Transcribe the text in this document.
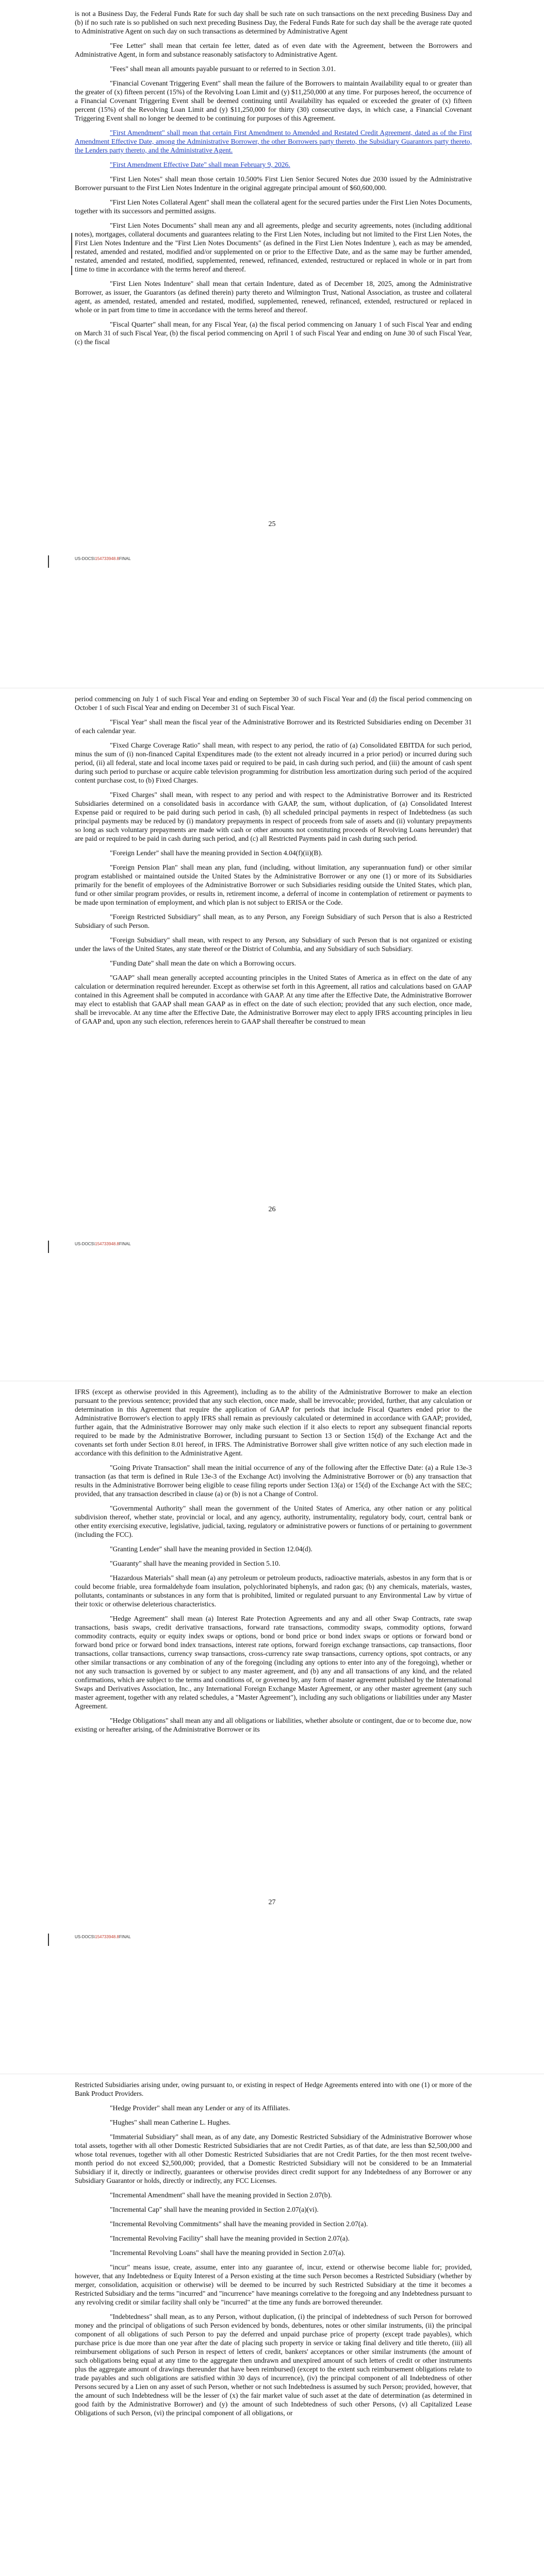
is not a Business Day, the Federal Funds Rate for such day shall be such rate on such transactions on the next preceding Business Day and (b) if no such rate is so published on such next preceding Business Day, the Federal Funds Rate for such day shall be the average rate quoted to Administrative Agent on such day on such transactions as determined by Administrative Agent

"Fee Letter" shall mean that certain fee letter, dated as of even date with the Agreement, between the Borrowers and Administrative Agent, in form and substance reasonably satisfactory to Administrative Agent.

"Fees" shall mean all amounts payable pursuant to or referred to in Section 3.01.

"Financial Covenant Triggering Event" shall mean the failure of the Borrowers to maintain Availability equal to or greater than the greater of (x) fifteen percent (15%) of the Revolving Loan Limit and (y) $11,250,000 at any time. For purposes hereof, the occurrence of a Financial Covenant Triggering Event shall be deemed continuing until Availability has equaled or exceeded the greater of (x) fifteen percent (15%) of the Revolving Loan Limit and (y) $11,250,000 for thirty (30) consecutive days, in which case, a Financial Covenant Triggering Event shall no longer be deemed to be continuing for purposes of this Agreement.

"First Amendment" shall mean that certain First Amendment to Amended and Restated Credit Agreement, dated as of the First Amendment Effective Date, among the Administrative Borrower, the other Borrowers party thereto, the Subsidiary Guarantors party thereto, the Lenders party thereto, and the Administrative Agent.

"First Amendment Effective Date" shall mean February 9, 2026.

"First Lien Notes" shall mean those certain 10.500% First Lien Senior Secured Notes due 2030 issued by the Administrative Borrower pursuant to the First Lien Notes Indenture in the original aggregate principal amount of $60,600,000.

"First Lien Notes Collateral Agent" shall mean the collateral agent for the secured parties under the First Lien Notes Documents, together with its successors and permitted assigns.

"First Lien Notes Documents" shall mean any and all agreements, pledge and security agreements, notes (including additional notes), mortgages, collateral documents and guarantees relating to the First Lien Notes, including but not limited to the First Lien Notes, the First Lien Notes Indenture and the "First Lien Notes Documents" (as defined in the First Lien Notes Indenture ), each as may be amended, restated, amended and restated, modified and/or supplemented on or prior to the Effective Date, and as the same may be further amended, restated, amended and restated, modified, supplemented, renewed, refinanced, extended, restructured or replaced in whole or in part from time to time in accordance with the terms hereof and thereof.

"First Lien Notes Indenture" shall mean that certain Indenture, dated as of December 18, 2025, among the Administrative Borrower, as issuer, the Guarantors (as defined therein) party thereto and Wilmington Trust, National Association, as trustee and collateral agent, as amended, restated, amended and restated, modified, supplemented, renewed, refinanced, extended, restructured or replaced in whole or in part from time to time in accordance with the terms hereof and thereof.

"Fiscal Quarter" shall mean, for any Fiscal Year, (a) the fiscal period commencing on January 1 of such Fiscal Year and ending on March 31 of such Fiscal Year, (b) the fiscal period commencing on April 1 of such Fiscal Year and ending on June 30 of such Fiscal Year, (c) the fiscal

25
US-DOCS\154733948.8FINAL

period commencing on July 1 of such Fiscal Year and ending on September 30 of such Fiscal Year and (d) the fiscal period commencing on October 1 of such Fiscal Year and ending on December 31 of such Fiscal Year.

"Fiscal Year" shall mean the fiscal year of the Administrative Borrower and its Restricted Subsidiaries ending on December 31 of each calendar year.

"Fixed Charge Coverage Ratio" shall mean, with respect to any period, the ratio of (a) Consolidated EBITDA for such period, minus the sum of (i) non-financed Capital Expenditures made (to the extent not already incurred in a prior period) or incurred during such period, (ii) all federal, state and local income taxes paid or required to be paid, in cash during such period, and (iii) the amount of cash spent during such period to purchase or acquire cable television programming for distribution less amortization during such period of the acquired content purchase cost, to (b) Fixed Charges.

"Fixed Charges" shall mean, with respect to any period and with respect to the Administrative Borrower and its Restricted Subsidiaries determined on a consolidated basis in accordance with GAAP, the sum, without duplication, of (a) Consolidated Interest Expense paid or required to be paid during such period in cash, (b) all scheduled principal payments in respect of Indebtedness (as such principal payments may be reduced by (i) mandatory prepayments in respect of proceeds from sale of assets and (ii) voluntary prepayments so long as such voluntary prepayments are made with cash or other amounts not constituting proceeds of Revolving Loans hereunder) that are paid or required to be paid in cash during such period, and (c) all Restricted Payments paid in cash during such period.

"Foreign Lender" shall have the meaning provided in Section 4.04(f)(ii)(B).

"Foreign Pension Plan" shall mean any plan, fund (including, without limitation, any superannuation fund) or other similar program established or maintained outside the United States by the Administrative Borrower or any one (1) or more of its Subsidiaries primarily for the benefit of employees of the Administrative Borrower or such Subsidiaries residing outside the United States, which plan, fund or other similar program provides, or results in, retirement income, a deferral of income in contemplation of retirement or payments to be made upon termination of employment, and which plan is not subject to ERISA or the Code.

"Foreign Restricted Subsidiary" shall mean, as to any Person, any Foreign Subsidiary of such Person that is also a Restricted Subsidiary of such Person.

"Foreign Subsidiary" shall mean, with respect to any Person, any Subsidiary of such Person that is not organized or existing under the laws of the United States, any state thereof or the District of Columbia, and any Subsidiary of such Subsidiary.

"Funding Date" shall mean the date on which a Borrowing occurs.

"GAAP" shall mean generally accepted accounting principles in the United States of America as in effect on the date of any calculation or determination required hereunder. Except as otherwise set forth in this Agreement, all ratios and calculations based on GAAP contained in this Agreement shall be computed in accordance with GAAP. At any time after the Effective Date, the Administrative Borrower may elect to establish that GAAP shall mean GAAP as in effect on the date of such election; provided that any such election, once made, shall be irrevocable. At any time after the Effective Date, the Administrative Borrower may elect to apply IFRS accounting principles in lieu of GAAP and, upon any such election, references herein to GAAP shall thereafter be construed to mean

26
US-DOCS\154733948.8FINAL

IFRS (except as otherwise provided in this Agreement), including as to the ability of the Administrative Borrower to make an election pursuant to the previous sentence; provided that any such election, once made, shall be irrevocable; provided, further, that any calculation or determination in this Agreement that require the application of GAAP for periods that include Fiscal Quarters ended prior to the Administrative Borrower's election to apply IFRS shall remain as previously calculated or determined in accordance with GAAP; provided, further again, that the Administrative Borrower may only make such election if it also elects to report any subsequent financial reports required to be made by the Administrative Borrower, including pursuant to Section 13 or Section 15(d) of the Exchange Act and the covenants set forth under Section 8.01 hereof, in IFRS. The Administrative Borrower shall give written notice of any such election made in accordance with this definition to the Administrative Agent.

"Going Private Transaction" shall mean the initial occurrence of any of the following after the Effective Date: (a) a Rule 13e-3 transaction (as that term is defined in Rule 13e-3 of the Exchange Act) involving the Administrative Borrower or (b) any transaction that results in the Administrative Borrower being eligible to cease filing reports under Section 13(a) or 15(d) of the Exchange Act with the SEC; provided, that any transaction described in clause (a) or (b) is not a Change of Control.

"Governmental Authority" shall mean the government of the United States of America, any other nation or any political subdivision thereof, whether state, provincial or local, and any agency, authority, instrumentality, regulatory body, court, central bank or other entity exercising executive, legislative, judicial, taxing, regulatory or administrative powers or functions of or pertaining to government (including the FCC).

"Granting Lender" shall have the meaning provided in Section 12.04(d).

"Guaranty" shall have the meaning provided in Section 5.10.

"Hazardous Materials" shall mean (a) any petroleum or petroleum products, radioactive materials, asbestos in any form that is or could become friable, urea formaldehyde foam insulation, polychlorinated biphenyls, and radon gas; (b) any chemicals, materials, wastes, pollutants, contaminants or substances in any form that is prohibited, limited or regulated pursuant to any Environmental Law by virtue of their toxic or otherwise deleterious characteristics.

"Hedge Agreement" shall mean (a) Interest Rate Protection Agreements and any and all other Swap Contracts, rate swap transactions, basis swaps, credit derivative transactions, forward rate transactions, commodity swaps, commodity options, forward commodity contracts, equity or equity index swaps or options, bond or bond price or bond index swaps or options or forward bond or forward bond price or forward bond index transactions, interest rate options, forward foreign exchange transactions, cap transactions, floor transactions, collar transactions, currency swap transactions, cross-currency rate swap transactions, currency options, spot contracts, or any other similar transactions or any combination of any of the foregoing (including any options to enter into any of the foregoing), whether or not any such transaction is governed by or subject to any master agreement, and (b) any and all transactions of any kind, and the related confirmations, which are subject to the terms and conditions of, or governed by, any form of master agreement published by the International Swaps and Derivatives Association, Inc., any International Foreign Exchange Master Agreement, or any other master agreement (any such master agreement, together with any related schedules, a "Master Agreement"), including any such obligations or liabilities under any Master Agreement.

"Hedge Obligations" shall mean any and all obligations or liabilities, whether absolute or contingent, due or to become due, now existing or hereafter arising, of the Administrative Borrower or its

27
US-DOCS\154733948.8FINAL

Restricted Subsidiaries arising under, owing pursuant to, or existing in respect of Hedge Agreements entered into with one (1) or more of the Bank Product Providers.

"Hedge Provider" shall mean any Lender or any of its Affiliates.

"Hughes" shall mean Catherine L. Hughes.

"Immaterial Subsidiary" shall mean, as of any date, any Domestic Restricted Subsidiary of the Administrative Borrower whose total assets, together with all other Domestic Restricted Subsidiaries that are not Credit Parties, as of that date, are less than $2,500,000 and whose total revenues, together with all other Domestic Restricted Subsidiaries that are not Credit Parties, for the then most recent twelve-month period do not exceed $2,500,000; provided, that a Domestic Restricted Subsidiary will not be considered to be an Immaterial Subsidiary if it, directly or indirectly, guarantees or otherwise provides direct credit support for any Indebtedness of any Borrower or any Subsidiary Guarantor or holds, directly or indirectly, any FCC Licenses.

"Incremental Amendment" shall have the meaning provided in Section 2.07(b).

"Incremental Cap" shall have the meaning provided in Section 2.07(a)(vi).

"Incremental Revolving Commitments" shall have the meaning provided in Section 2.07(a).

"Incremental Revolving Facility" shall have the meaning provided in Section 2.07(a).

"Incremental Revolving Loans" shall have the meaning provided in Section 2.07(a).

"incur" means issue, create, assume, enter into any guarantee of, incur, extend or otherwise become liable for; provided, however, that any Indebtedness or Equity Interest of a Person existing at the time such Person becomes a Restricted Subsidiary (whether by merger, consolidation, acquisition or otherwise) will be deemed to be incurred by such Restricted Subsidiary at the time it becomes a Restricted Subsidiary and the terms "incurred" and "incurrence" have meanings correlative to the foregoing and any Indebtedness pursuant to any revolving credit or similar facility shall only be "incurred" at the time any funds are borrowed thereunder.

"Indebtedness" shall mean, as to any Person, without duplication, (i) the principal of indebtedness of such Person for borrowed money and the principal of obligations of such Person evidenced by bonds, debentures, notes or other similar instruments, (ii) the principal component of all obligations of such Person to pay the deferred and unpaid purchase price of property (except trade payables), which purchase price is due more than one year after the date of placing such property in service or taking final delivery and title thereto, (iii) all reimbursement obligations of such Person in respect of letters of credit, bankers' acceptances or other similar instruments (the amount of such obligations being equal at any time to the aggregate then undrawn and unexpired amount of such letters of credit or other instruments plus the aggregate amount of drawings thereunder that have been reimbursed) (except to the extent such reimbursement obligations relate to trade payables and such obligations are satisfied within 30 days of incurrence), (iv) the principal component of all Indebtedness of other Persons secured by a Lien on any asset of such Person, whether or not such Indebtedness is assumed by such Person; provided, however, that the amount of such Indebtedness will be the lesser of (x) the fair market value of such asset at the date of determination (as determined in good faith by the Administrative Borrower) and (y) the amount of such Indebtedness of such other Persons, (v) all Capitalized Lease Obligations of such Person, (vi) the principal component of all obligations, or
